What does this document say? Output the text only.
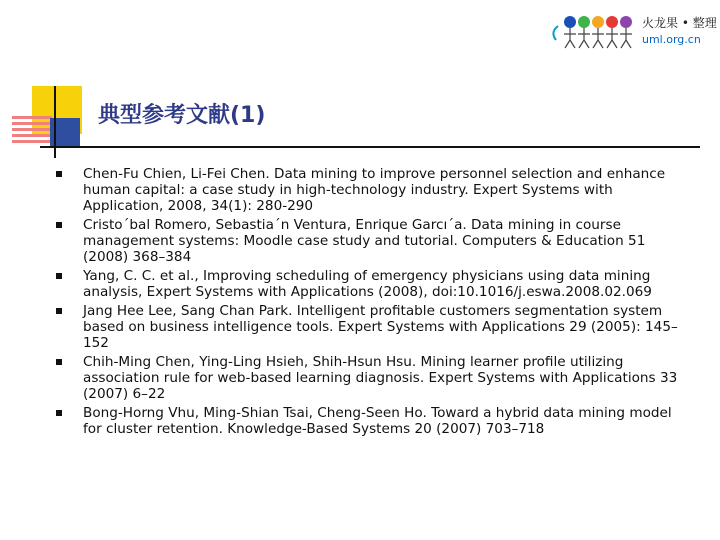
火龙果 • 整理
uml.org.cn
典型参考文献(1)
Chen-Fu Chien, Li-Fei Chen. Data mining to improve personnel selection and enhance human capital: a case study in high-technology industry. Expert Systems with Application, 2008, 34(1): 280-290
Cristo´bal Romero, Sebastia´n Ventura, Enrique Garcı´a. Data mining in course management systems: Moodle case study and tutorial. Computers & Education 51 (2008) 368–384
Yang, C. C. et al., Improving scheduling of emergency physicians using data mining analysis, Expert Systems with Applications (2008), doi:10.1016/j.eswa.2008.02.069
Jang Hee Lee, Sang Chan Park. Intelligent profitable customers segmentation system based on business intelligence tools. Expert Systems with Applications 29 (2005): 145–152
Chih-Ming Chen, Ying-Ling Hsieh, Shih-Hsun Hsu. Mining learner profile utilizing association rule for web-based learning diagnosis. Expert Systems with Applications 33 (2007) 6–22
Bong-Horng Vhu, Ming-Shian Tsai, Cheng-Seen Ho. Toward a hybrid data mining model for cluster retention. Knowledge-Based Systems 20 (2007) 703–718
